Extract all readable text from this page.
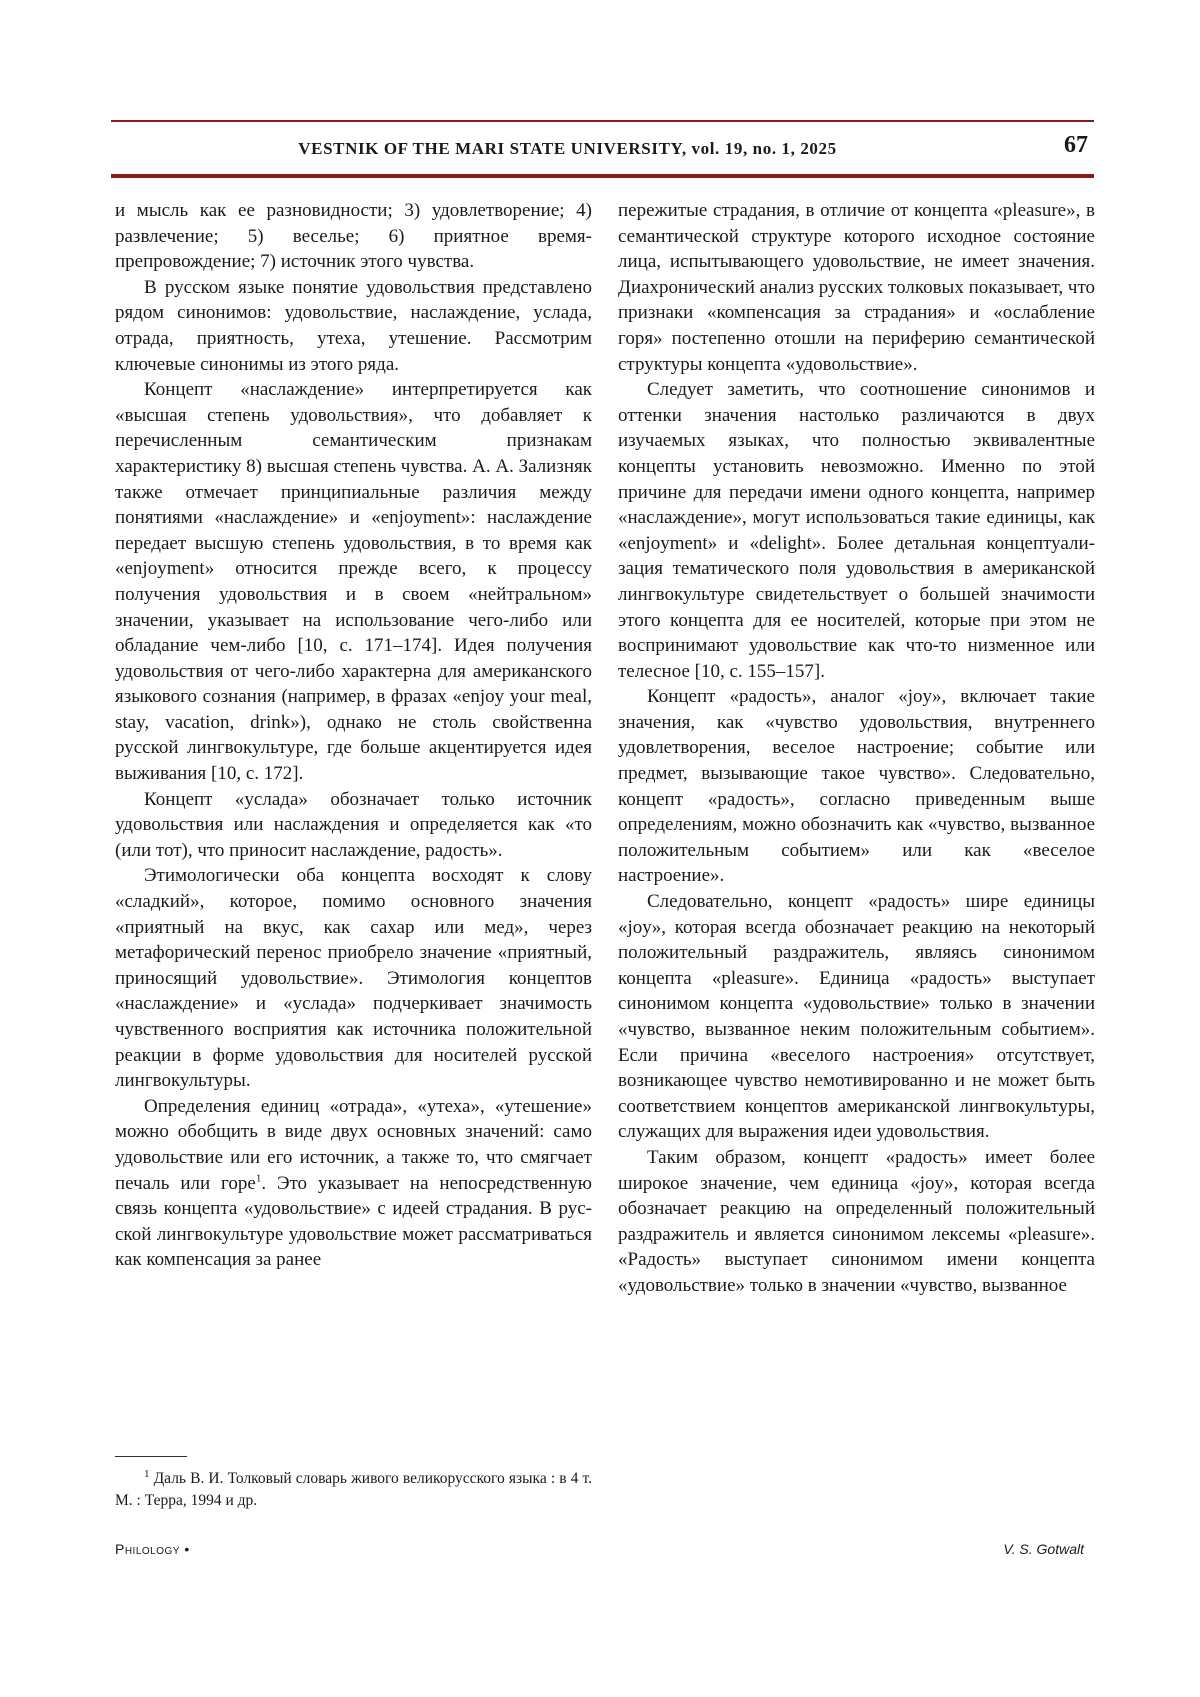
VESTNIK OF THE MARI STATE UNIVERSITY, vol. 19, no. 1, 2025	67

и мысль как ее разновидности; 3) удовлетворение; 4) развлечение; 5) веселье; 6) приятное времяпрепровождение; 7) источник этого чувства.

В русском языке понятие удовольствия представлено рядом синонимов: удовольствие, наслаждение, услада, отрада, приятность, утеха, утешение. Рассмотрим ключевые синонимы из этого ряда.

Концепт «наслаждение» интерпретируется как «высшая степень удовольствия», что добавляет к перечисленным семантическим признакам характеристику 8) высшая степень чувства. А. А. Зализняк также отмечает принципиальные различия между понятиями «наслаждение» и «enjoyment»: наслаждение передает высшую степень удовольствия, в то время как «enjoyment» относится прежде всего, к процессу получения удовольствия и в своем «нейтральном» значении, указывает на использование чего-либо или обладание чем-либо [10, с. 171–174]. Идея получения удовольствия от чего-либо характерна для американского языкового сознания (например, в фразах «enjoy your meal, stay, vacation, drink»), однако не столь свойственна русской лингвокультуре, где больше акцентируется идея выживания [10, с. 172].

Концепт «услада» обозначает только источник удовольствия или наслаждения и определяется как «то (или тот), что приносит наслаждение, радость».

Этимологически оба концепта восходят к слову «сладкий», которое, помимо основного значения «приятный на вкус, как сахар или мед», через метафорический перенос приобрело значение «приятный, приносящий удовольствие». Этимология концептов «наслаждение» и «услада» подчеркивает значимость чувственного восприятия как источника положительной реакции в форме удовольствия для носителей русской лингвокультуры.

Определения единиц «отрада», «утеха», «утешение» можно обобщить в виде двух основных значений: само удовольствие или его источник, а также то, что смягчает печаль или горе$^1$. Это указывает на непосредственную связь концепта «удовольствие» с идеей страдания. В русской лингвокультуре удовольствие может рассматриваться как компенсация за ранее

пережитые страдания, в отличие от концепта «pleasure», в семантической структуре которого исходное состояние лица, испытывающего удовольствие, не имеет значения. Диахронический анализ русских толковых показывает, что признаки «компенсация за страдания» и «ослабление горя» постепенно отошли на периферию семантической структуры концепта «удовольствие».

Следует заметить, что соотношение синонимов и оттенки значения настолько различаются в двух изучаемых языках, что полностью эквивалентные концепты установить невозможно. Именно по этой причине для передачи имени одного концепта, например «наслаждение», могут использоваться такие единицы, как «enjoyment» и «delight». Более детальная концептуализация тематического поля удовольствия в американской лингвокультуре свидетельствует о большей значимости этого концепта для ее носителей, которые при этом не воспринимают удовольствие как что-то низменное или телесное [10, с. 155–157].

Концепт «радость», аналог «joy», включает такие значения, как «чувство удовольствия, внутреннего удовлетворения, веселое настроение; событие или предмет, вызывающие такое чувство». Следовательно, концепт «радость», согласно приведенным выше определениям, можно обозначить как «чувство, вызванное положительным событием» или как «веселое настроение».

Следовательно, концепт «радость» шире единицы «joy», которая всегда обозначает реакцию на некоторый положительный раздражитель, являясь синонимом концепта «pleasure». Единица «радость» выступает синонимом концепта «удовольствие» только в значении «чувство, вызванное неким положительным событием». Если причина «веселого настроения» отсутствует, возникающее чувство немотивированно и не может быть соответствием концептов американской лингвокультуры, служащих для выражения идеи удовольствия.

Таким образом, концепт «радость» имеет более широкое значение, чем единица «joy», которая всегда обозначает реакцию на определенный положительный раздражитель и является синонимом лексемы «pleasure». «Радость» выступает синонимом имени концепта «удовольствие» только в значении «чувство, вызванное

$^1$ Даль В. И. Толковый словарь живого великорусского языка : в 4 т. М. : Терра, 1994 и др.
Philology •	V. S. Gotwalt
